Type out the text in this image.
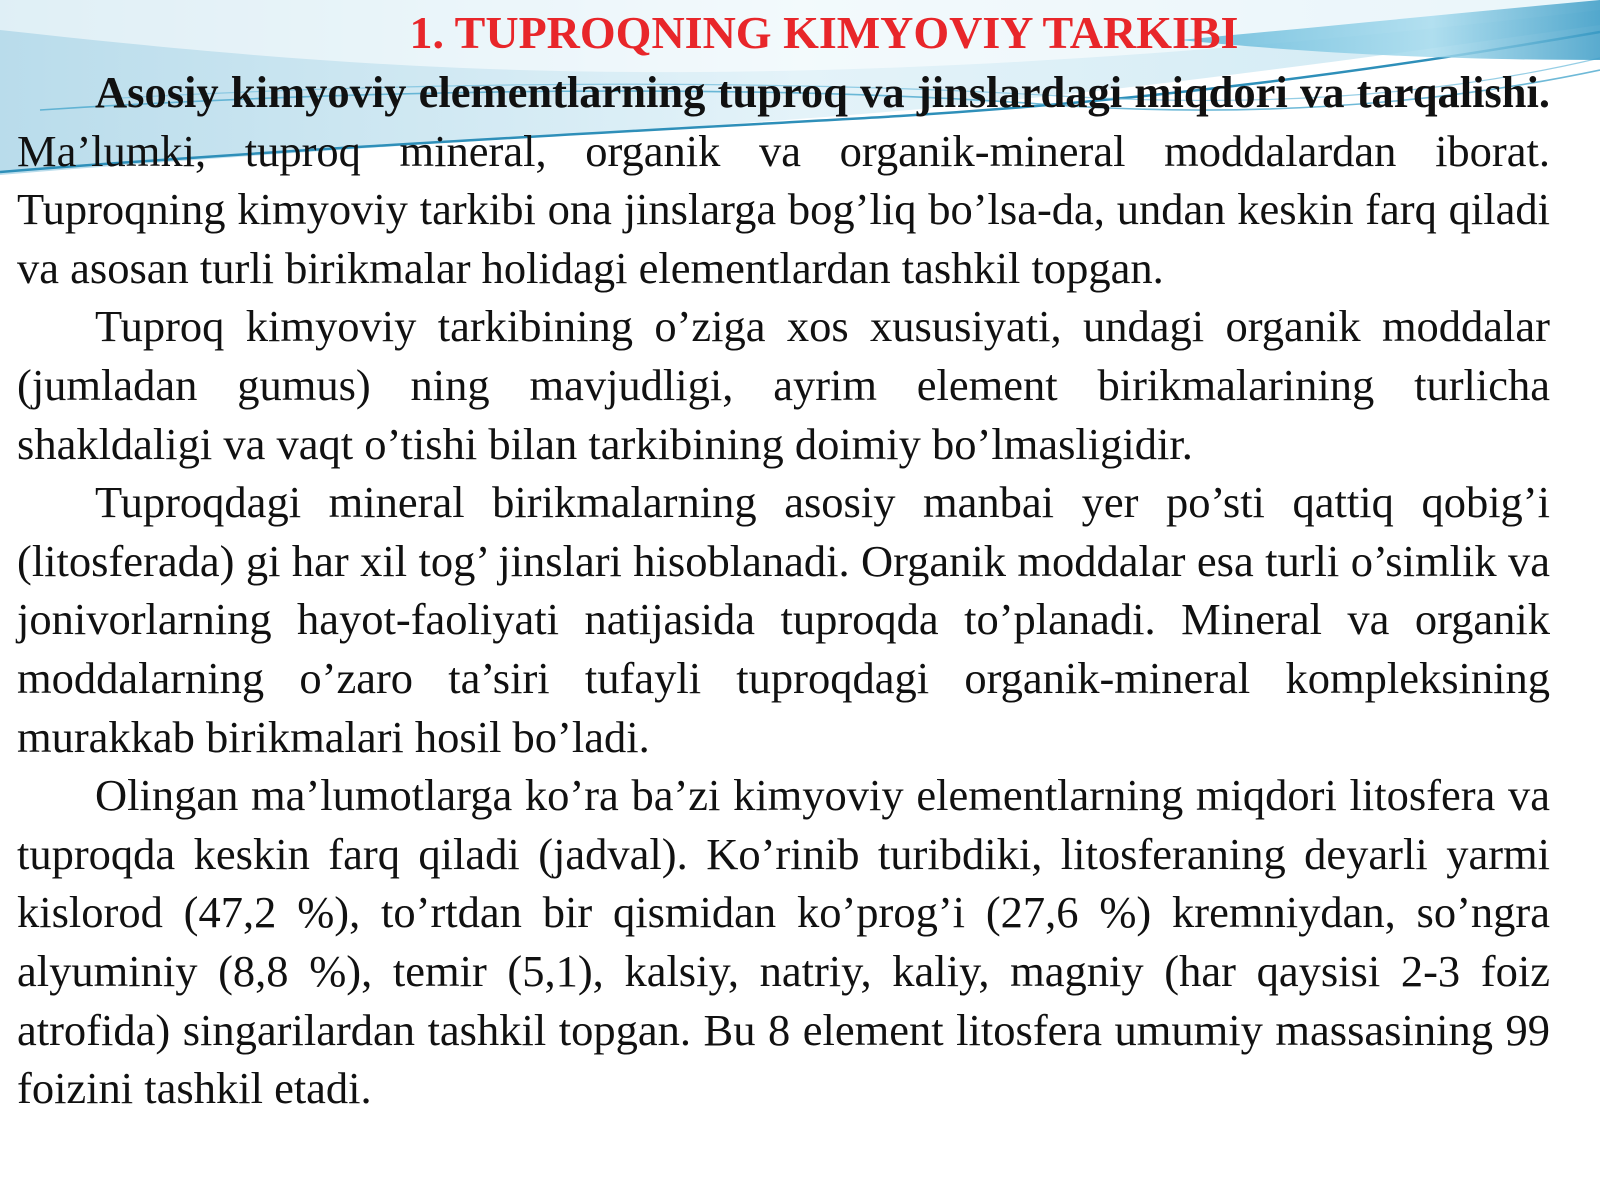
1. TUPROQNING KIMYOVIY TARKIBI

Asosiy kimyoviy elementlarning tuproq va jinslardagi miqdori va tarqalishi. Ma’lumki, tuproq mineral, organik va organik-mineral moddalardan iborat. Tuproqning kimyoviy tarkibi ona jinslarga bog’liq bo’lsa-da, undan keskin farq qiladi va asosan turli birikmalar holidagi elementlardan tashkil topgan.

Tuproq kimyoviy tarkibining o’ziga xos xususiyati, undagi organik moddalar (jumladan gumus) ning mavjudligi, ayrim element birikmalarining turlicha shakldaligi va vaqt o’tishi bilan tarkibining doimiy bo’lmasligidir.

Tuproqdagi mineral birikmalarning asosiy manbai yer po’sti qattiq qobig’i (litosferada) gi har xil tog’ jinslari hisoblanadi. Organik moddalar esa turli o’simlik va jonivorlarning hayot-faoliyati natijasida tuproqda to’planadi. Mineral va organik moddalarning o’zaro ta’siri tufayli tuproqdagi organik-mineral kompleksining murakkab birikmalari hosil bo’ladi.

Olingan ma’lumotlarga ko’ra ba’zi kimyoviy elementlarning miqdori litosfera va tuproqda keskin farq qiladi (jadval). Ko’rinib turibdiki, litosferaning deyarli yarmi kislorod (47,2 %), to’rtdan bir qismidan ko’prog’i (27,6 %) kremniydan, so’ngra alyuminiy (8,8 %), temir (5,1), kalsiy, natriy, kaliy, magniy (har qaysisi 2-3 foiz atrofida) singarilardan tashkil topgan. Bu 8 element litosfera umumiy massasining 99 foizini tashkil etadi.
